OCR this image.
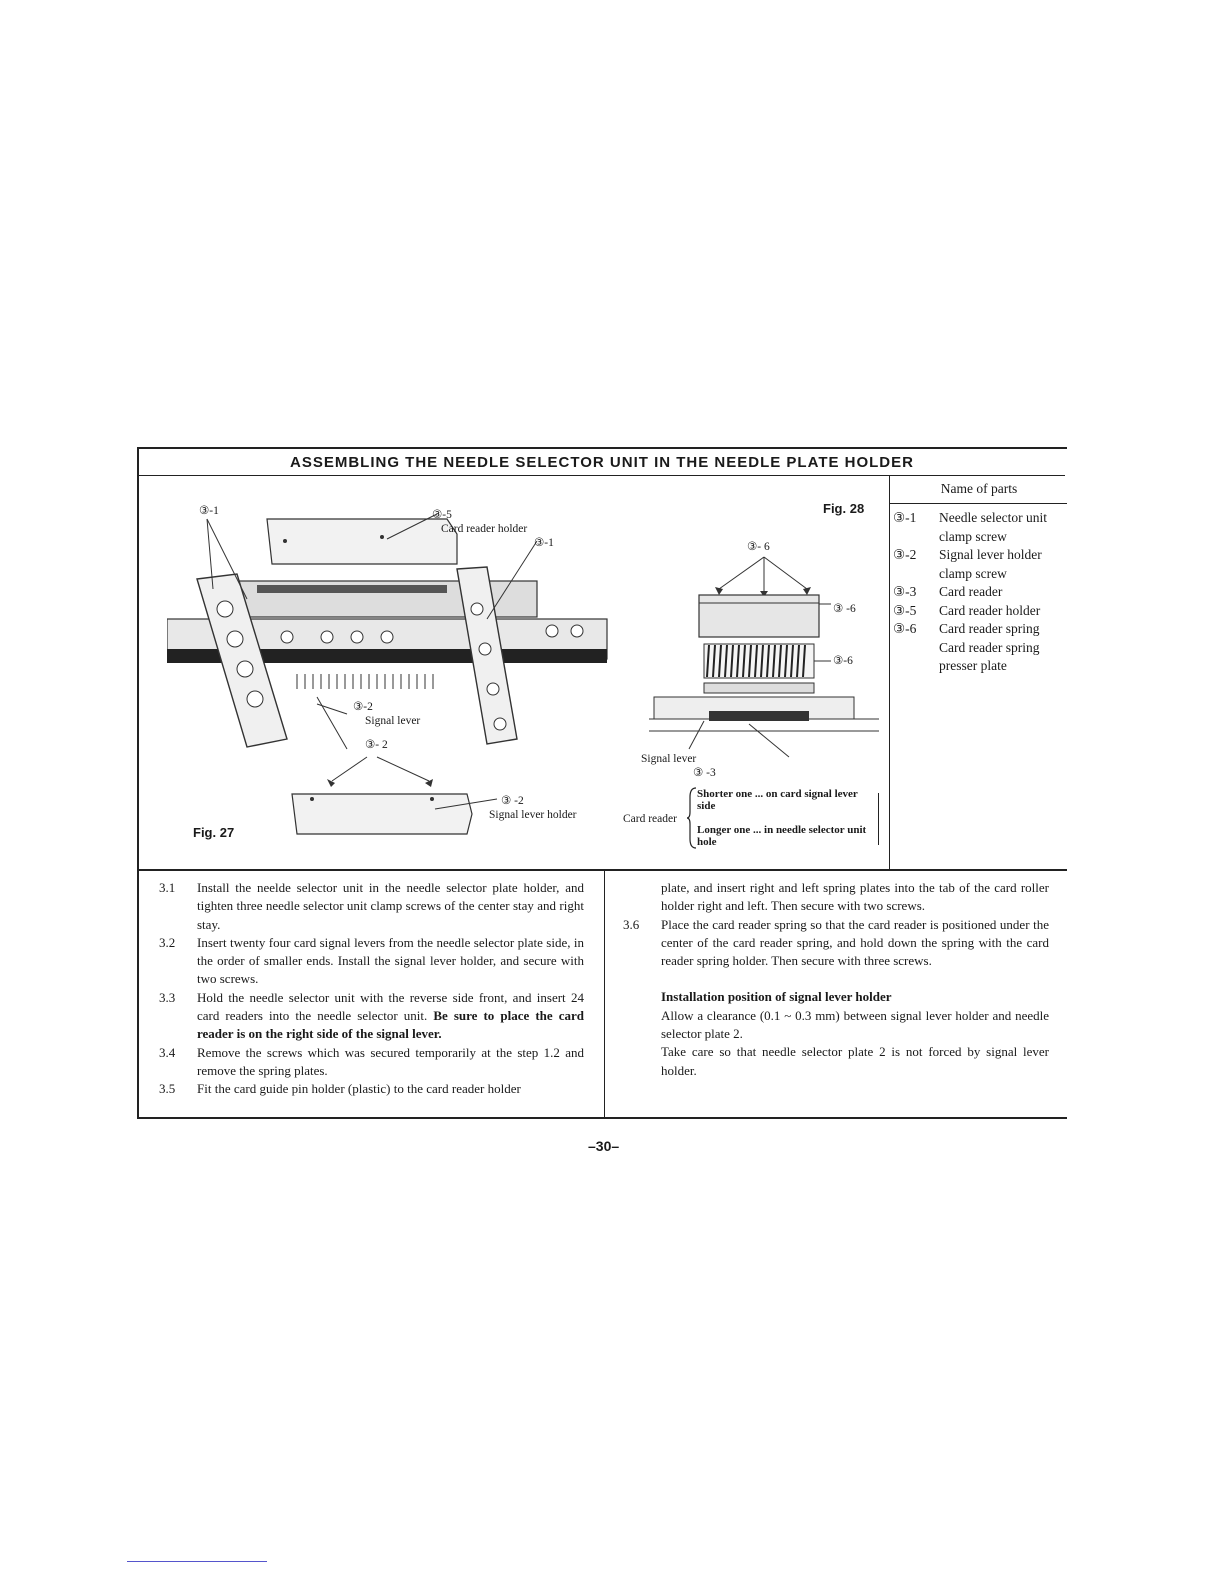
ASSEMBLING THE NEEDLE SELECTOR UNIT IN THE NEEDLE PLATE HOLDER
Name of parts
③-1	Needle selector unit clamp screw
③-2	Signal lever holder clamp screw
③-3	Card reader
③-5	Card reader holder
③-6	Card reader spring Card reader spring presser plate
③-1	③-5
Card reader holder
③-1
③-2
Signal lever
③- 2
③ -2
Signal lever holder
Fig. 27
Fig. 28
③- 6
③ -6
③-6
Signal lever
③ -3
Card reader
Shorter one ... on card signal lever side
Longer one ... in needle selector unit hole
3.1	Install the neelde selector unit in the needle selector plate holder, and tighten three needle selector unit clamp screws of the center stay and right stay.
3.2	Insert twenty four card signal levers from the needle selector plate side, in the order of smaller ends. Install the signal lever holder, and secure with two screws.
3.3	Hold the needle selector unit with the reverse side front, and insert 24 card readers into the needle selector unit. Be sure to place the card reader is on the right side of the signal lever.
3.4	Remove the screws which was secured temporarily at the step 1.2 and remove the spring plates.
3.5	Fit the card guide pin holder (plastic) to the card reader holder
plate, and insert right and left spring plates into the tab of the card roller holder right and left. Then secure with two screws.
3.6	Place the card reader spring so that the card reader is positioned under the center of the card reader spring, and hold down the spring with the card reader spring holder. Then secure with three screws.
Installation position of signal lever holder
Allow a clearance (0.1 ~ 0.3 mm) between signal lever holder and needle selector plate 2.
Take care so that needle selector plate 2 is not forced by signal lever holder.
–30–
